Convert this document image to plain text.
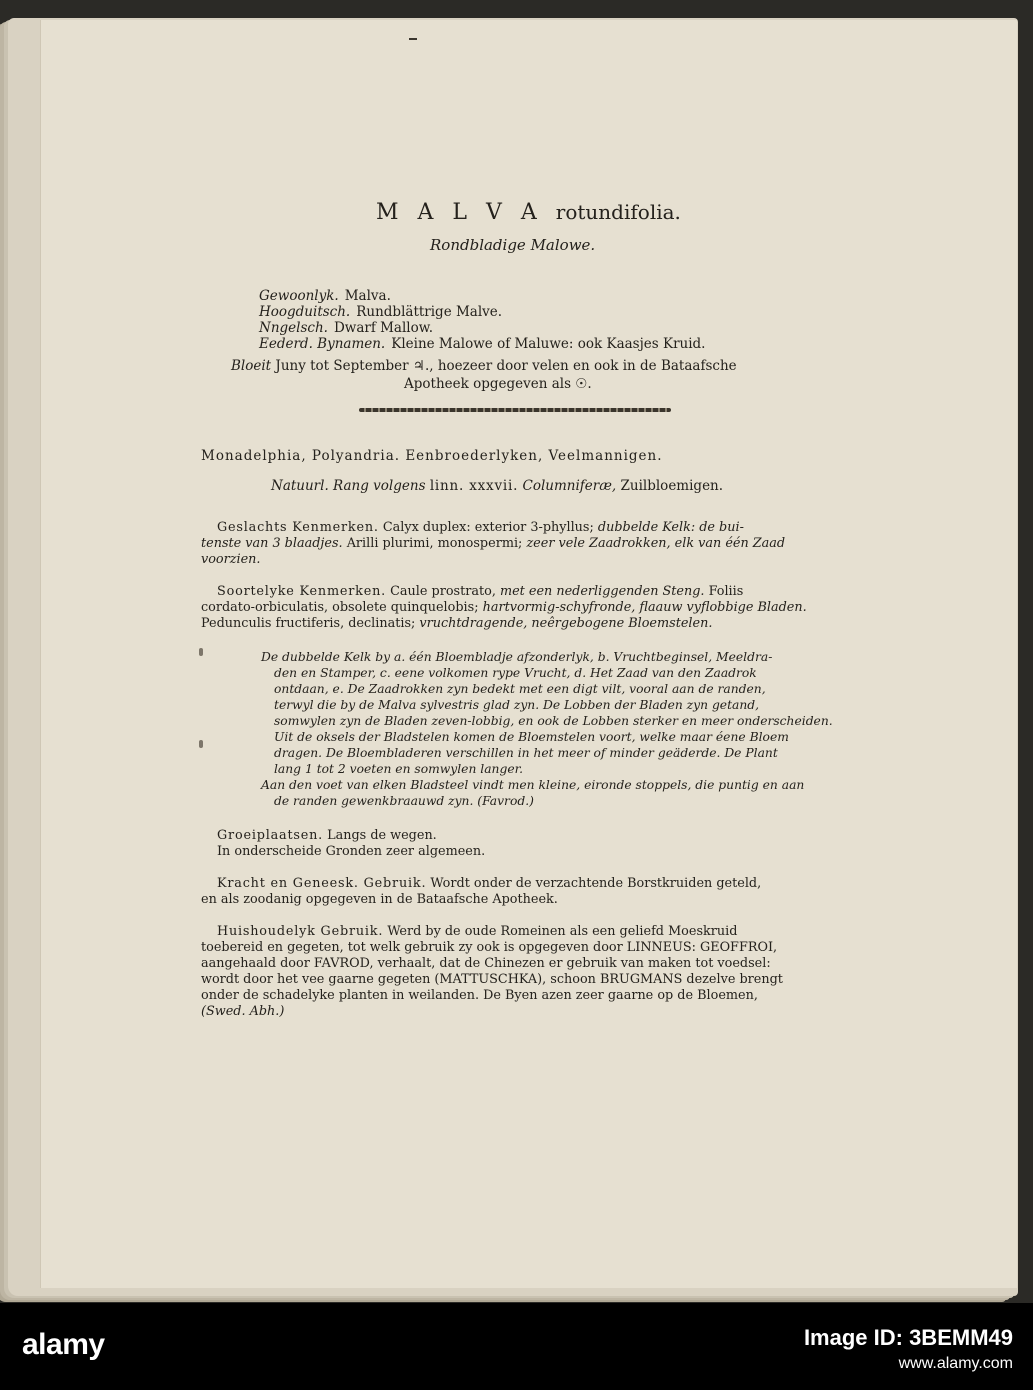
M A L V A rotundifolia.
Rondbladige Malowe.
Gewoonlyk. Malva.
Hoogduitsch. Rundblättrige Malve.
Nngelsch. Dwarf Mallow.
Eederd. Bynamen. Kleine Malowe of Maluwe: ook Kaasjes Kruid.
Bloeit Juny tot September ♃., hoezeer door velen en ook in de Bataafsche
Apotheek opgegeven als ☉.
Monadelphia, Polyandria. Eenbroederlyken, Veelmannigen.
Natuurl. Rang volgens linn. xxxvii. Columniferæ, Zuilbloemigen.
Geslachts Kenmerken. Calyx duplex: exterior 3-phyllus; dubbelde Kelk: de bui-
tenste van 3 blaadjes. Arilli plurimi, monospermi; zeer vele Zaadrokken, elk van één Zaad
voorzien.
Soortelyke Kenmerken. Caule prostrato, met een nederliggenden Steng. Foliis
cordato-orbiculatis, obsolete quinquelobis; hartvormig-schyfronde, flaauw vyflobbige Bladen.
Pedunculis fructiferis, declinatis; vruchtdragende, neêrgebogene Bloemstelen.
De dubbelde Kelk by a. één Bloembladje afzonderlyk, b. Vruchtbeginsel, Meeldra-
den en Stamper, c. eene volkomen rype Vrucht, d. Het Zaad van den Zaadrok
ontdaan, e. De Zaadrokken zyn bedekt met een digt vilt, vooral aan de randen,
terwyl die by de Malva sylvestris glad zyn. De Lobben der Bladen zyn getand,
somwylen zyn de Bladen zeven-lobbig, en ook de Lobben sterker en meer onderscheiden.
Uit de oksels der Bladstelen komen de Bloemstelen voort, welke maar éene Bloem
dragen. De Bloembladeren verschillen in het meer of minder geäderde. De Plant
lang 1 tot 2 voeten en somwylen langer.
Aan den voet van elken Bladsteel vindt men kleine, eironde stoppels, die puntig en aan
de randen gewenkbraauwd zyn. (Favrod.)
Groeiplaatsen. Langs de wegen.
In onderscheide Gronden zeer algemeen.
Kracht en Geneesk. Gebruik. Wordt onder de verzachtende Borstkruiden geteld,
en als zoodanig opgegeven in de Bataafsche Apotheek.
Huishoudelyk Gebruik. Werd by de oude Romeinen als een geliefd Moeskruid
toebereid en gegeten, tot welk gebruik zy ook is opgegeven door LINNEUS: GEOFFROI,
aangehaald door FAVROD, verhaalt, dat de Chinezen er gebruik van maken tot voedsel:
wordt door het vee gaarne gegeten (MATTUSCHKA), schoon BRUGMANS dezelve brengt
onder de schadelyke planten in weilanden. De Byen azen zeer gaarne op de Bloemen,
(Swed. Abh.)
alamy	Image ID: 3BEMM49
www.alamy.com
